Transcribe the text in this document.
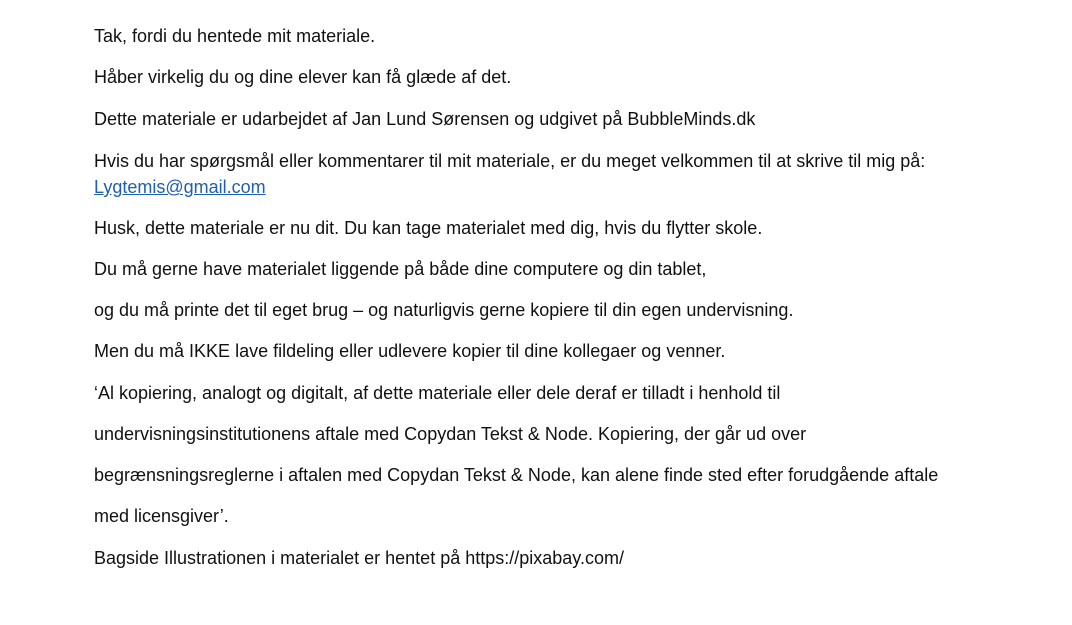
Tak, fordi du hentede mit materiale.
Håber virkelig du og dine elever kan få glæde af det.
Dette materiale er udarbejdet af Jan Lund Sørensen og udgivet på BubbleMinds.dk
Hvis du har spørgsmål eller kommentarer til mit materiale, er du meget velkommen til at skrive til mig på:
Lygtemis@gmail.com
Husk, dette materiale er nu dit. Du kan tage materialet med dig, hvis du flytter skole.
Du må gerne have materialet liggende på både dine computere og din tablet,
og du må printe det til eget brug – og naturligvis gerne kopiere til din egen undervisning.
Men du må IKKE lave fildeling eller udlevere kopier til dine kollegaer og venner.
‘Al kopiering, analogt og digitalt, af dette materiale eller dele deraf er tilladt i henhold til
undervisningsinstitutionens aftale med Copydan Tekst & Node. Kopiering, der går ud over
begrænsningsreglerne i aftalen med Copydan Tekst & Node, kan alene finde sted efter forudgående aftale
med licensgiver’.
Bagside Illustrationen i materialet er hentet på https://pixabay.com/
